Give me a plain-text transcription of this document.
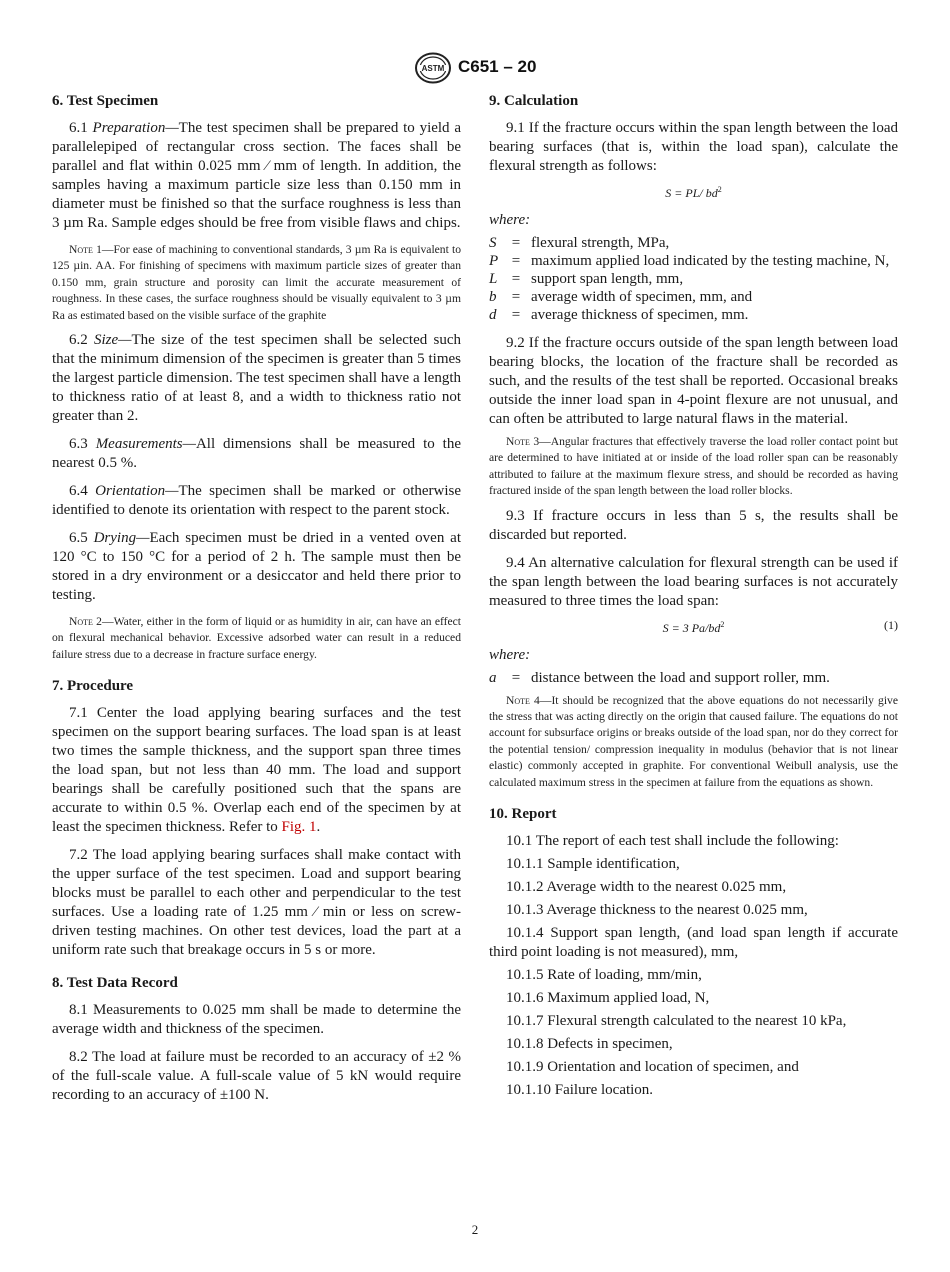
ASTM C651 – 20
6. Test Specimen

6.1 Preparation—The test specimen shall be prepared to yield a parallelepiped of rectangular cross section. The faces shall be parallel and flat within 0.025 mm ⁄ mm of length. In addition, the samples having a maximum particle size less than 0.150 mm in diameter must be finished so that the surface roughness is less than 3 µm Ra. Sample edges should be free from visible flaws and chips.

Note 1—For ease of machining to conventional standards, 3 µm Ra is equivalent to 125 µin. AA. For finishing of specimens with maximum particle sizes of greater than 0.150 mm, grain structure and porosity can limit the accurate measurement of roughness. In these cases, the surface roughness should be visually equivalent to 3 µm Ra as estimated based on the visible surface of the graphite

6.2 Size—The size of the test specimen shall be selected such that the minimum dimension of the specimen is greater than 5 times the largest particle dimension. The test specimen shall have a length to thickness ratio of at least 8, and a width to thickness ratio not greater than 2.

6.3 Measurements—All dimensions shall be measured to the nearest 0.5 %.

6.4 Orientation—The specimen shall be marked or otherwise identified to denote its orientation with respect to the parent stock.

6.5 Drying—Each specimen must be dried in a vented oven at 120 °C to 150 °C for a period of 2 h. The sample must then be stored in a dry environment or a desiccator and held there prior to testing.

Note 2—Water, either in the form of liquid or as humidity in air, can have an effect on flexural mechanical behavior. Excessive adsorbed water can result in a reduced failure stress due to a decrease in fracture surface energy.

7. Procedure

7.1 Center the load applying bearing surfaces and the test specimen on the support bearing surfaces. The load span is at least two times the sample thickness, and the support span three times the load span, but not less than 40 mm. The load and support bearings shall be carefully positioned such that the spans are accurate to within 0.5 %. Overlap each end of the specimen by at least the specimen thickness. Refer to Fig. 1.

7.2 The load applying bearing surfaces shall make contact with the upper surface of the test specimen. Load and support bearing blocks must be parallel to each other and perpendicular to the test surfaces. Use a loading rate of 1.25 mm ⁄ min or less on screw-driven testing machines. On other test devices, load the part at a uniform rate such that breakage occurs in 5 s or more.

8. Test Data Record

8.1 Measurements to 0.025 mm shall be made to determine the average width and thickness of the specimen.

8.2 The load at failure must be recorded to an accuracy of ±2 % of the full-scale value. A full-scale value of 5 kN would require recording to an accuracy of ±100 N.

9. Calculation

9.1 If the fracture occurs within the span length between the load bearing surfaces (that is, within the load span), calculate the flexural strength as follows:

S = PL/ $bd^2$
where:
S	= flexural strength, MPa,
P = maximum applied load indicated by the testing machine, N,
L = support span length, mm,
b	= average width of specimen, mm, and
d	= average thickness of specimen, mm.

9.2 If the fracture occurs outside of the span length between load bearing blocks, the location of the fracture shall be recorded as such, and the results of the test shall be reported. Occasional breaks outside the inner load span in 4-point flexure are not unusual, and can often be attributed to large natural flaws in the material.

Note 3—Angular fractures that effectively traverse the load roller contact point but are determined to have initiated at or inside of the load roller span can be reasonably attributed to failure at the maximum flexure stress, and should be recorded as having fractured inside of the span length between the load roller blocks.

9.3 If fracture occurs in less than 5 s, the results shall be discarded but reported.

9.4 An alternative calculation for flexural strength can be used if the span length between the load bearing surfaces is not accurately measured to three times the load span:

S = 3 $Pa/bd^2$	(1)
where:
a	= distance between the load and support roller, mm.

Note 4—It should be recognized that the above equations do not necessarily give the stress that was acting directly on the origin that caused failure. The equations do not account for subsurface origins or breaks outside of the load span, nor do they correct for the potential tension/ compression inequality in modulus (behavior that is not linear elastic) commonly accepted in graphite. For conventional Weibull analysis, use the calculated maximum stress in the specimen at failure from the equations as shown.

10. Report
10.1 The report of each test shall include the following:
10.1.1 Sample identification,
10.1.2 Average width to the nearest 0.025 mm,
10.1.3 Average thickness to the nearest 0.025 mm,
10.1.4 Support span length, (and load span length if accurate third point loading is not measured), mm,
10.1.5 Rate of loading, mm/min,
10.1.6 Maximum applied load, N,
10.1.7 Flexural strength calculated to the nearest 10 kPa,
10.1.8 Defects in specimen,
10.1.9 Orientation and location of specimen, and
10.1.10 Failure location.
2
